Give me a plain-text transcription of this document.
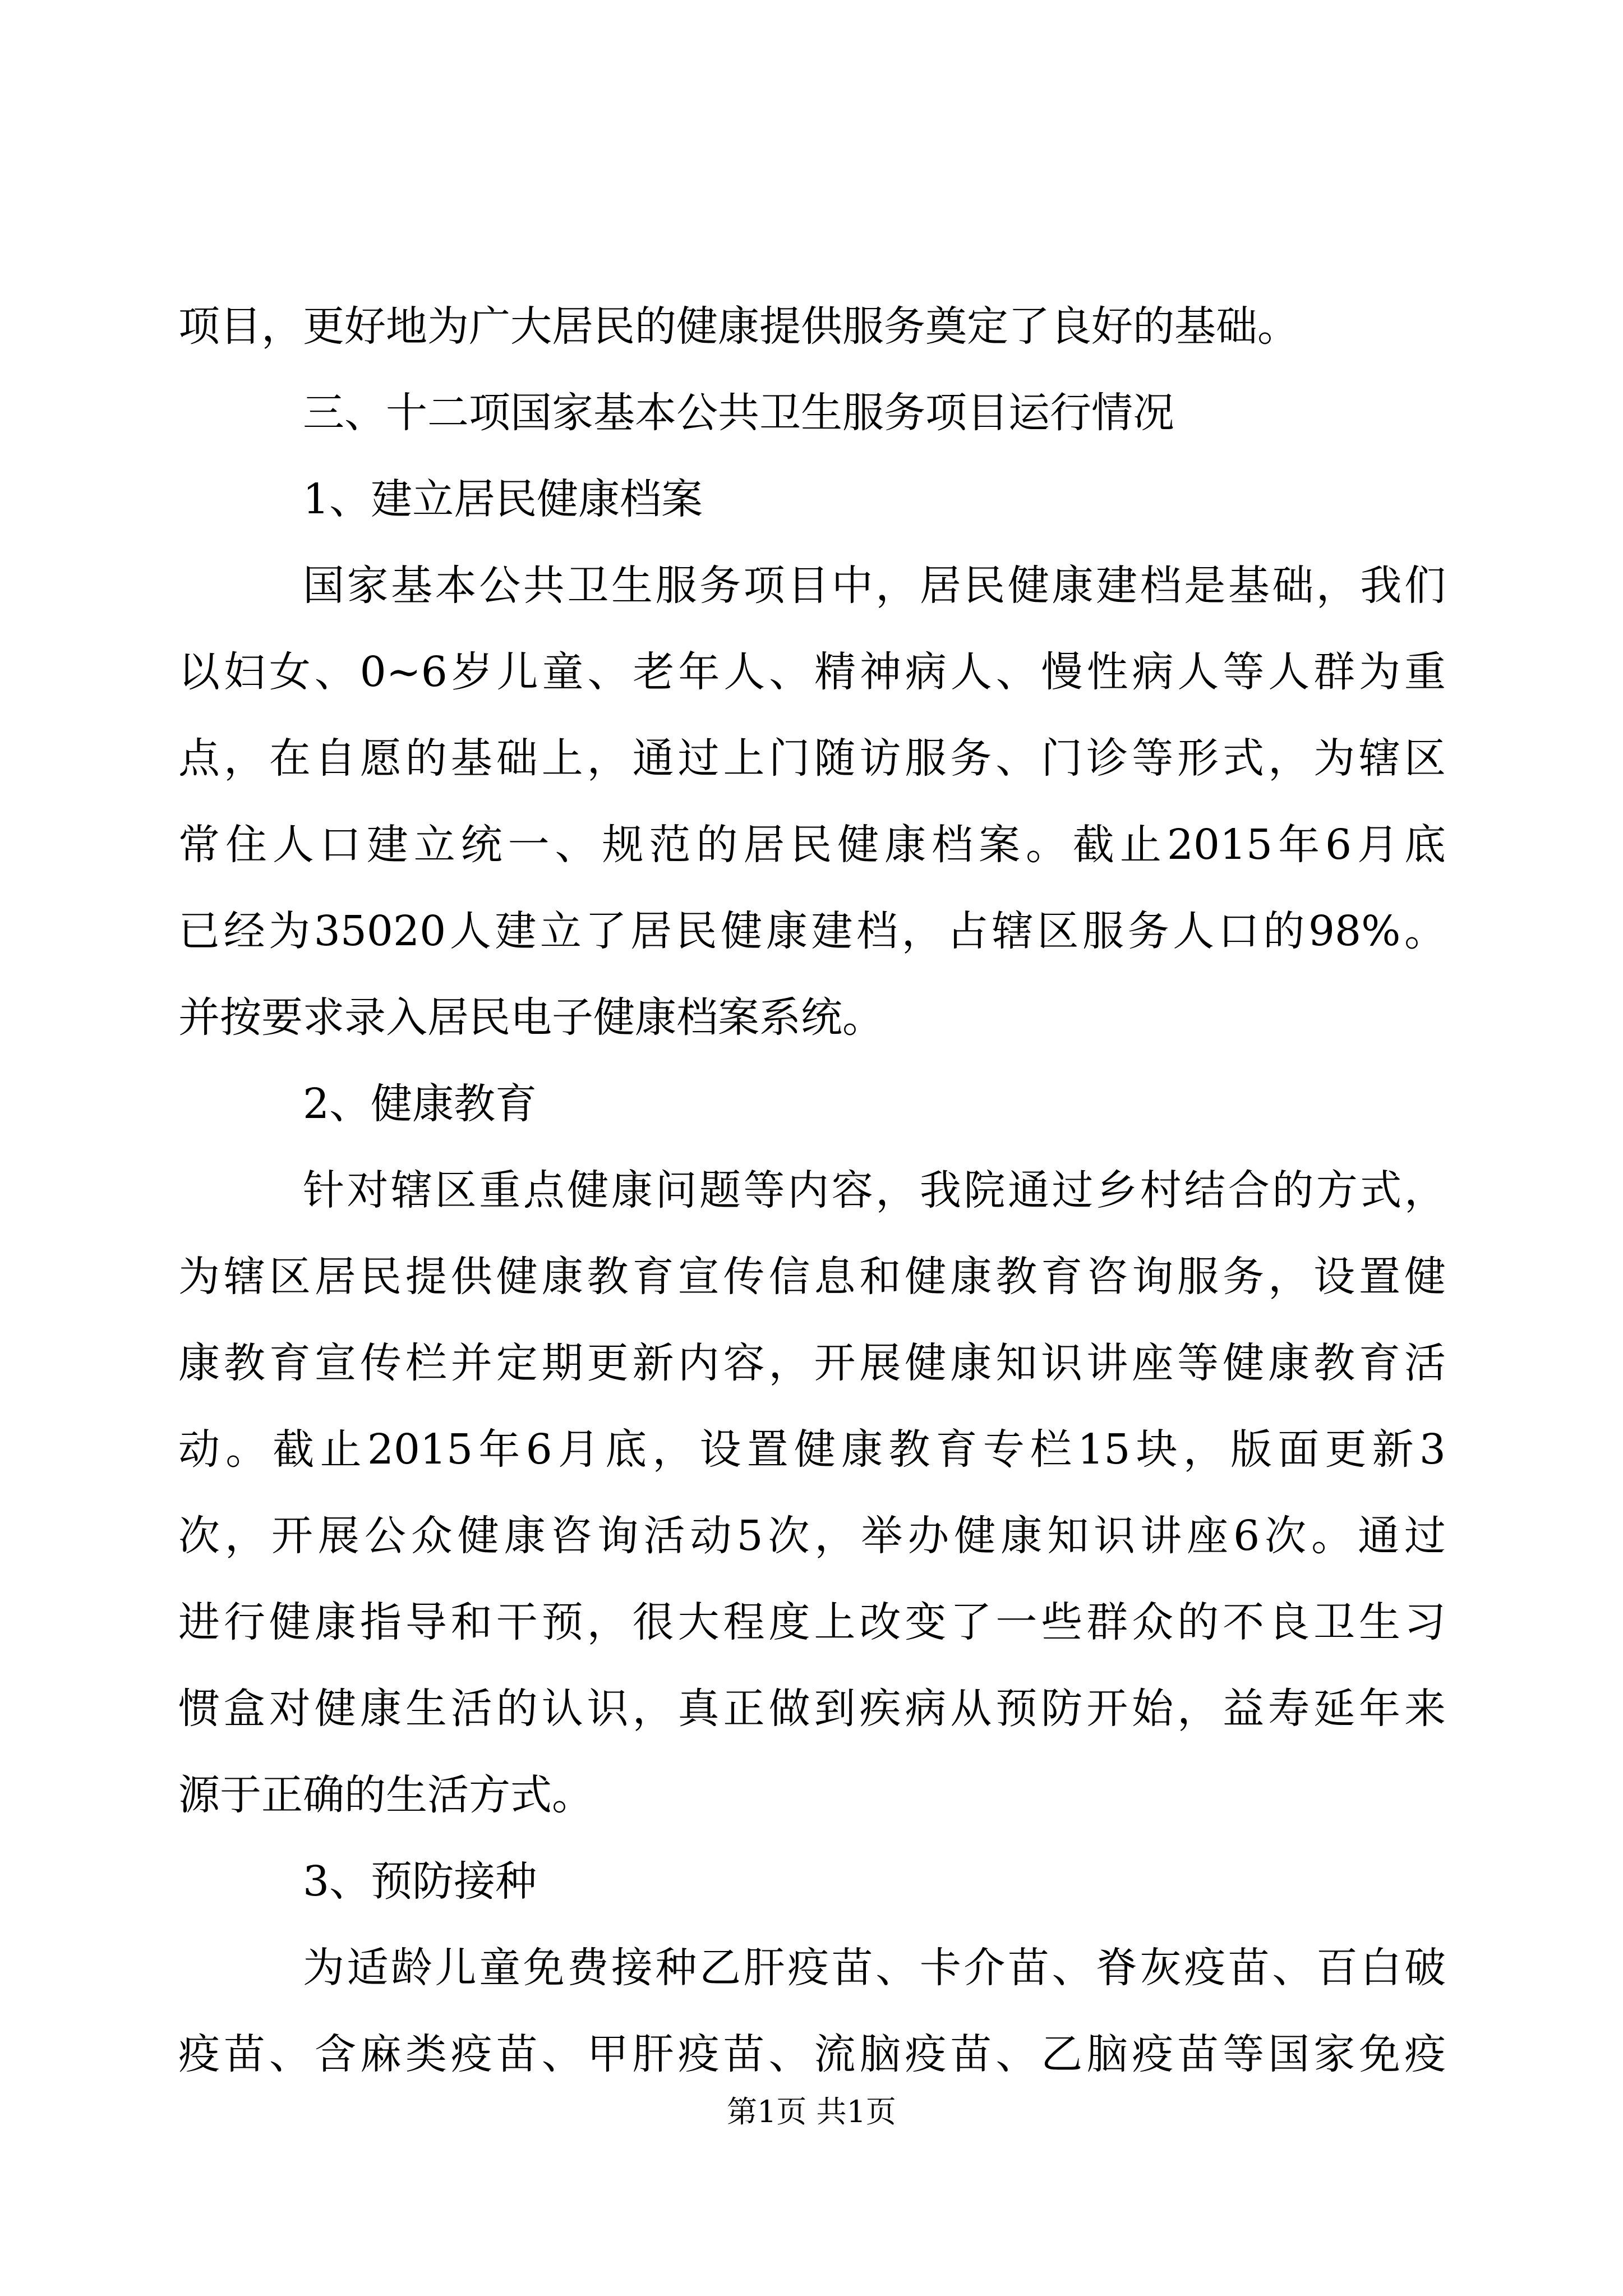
项目，更好地为广大居民的健康提供服务奠定了良好的基础。
三、十二项国家基本公共卫生服务项目运行情况
1、建立居民健康档案
国家基本公共卫生服务项目中，居民健康建档是基础，我们
以妇女、0~6岁儿童、老年人、精神病人、慢性病人等人群为重
点，在自愿的基础上，通过上门随访服务、门诊等形式，为辖区
常住人口建立统一、规范的居民健康档案。截止2015年6月底
已经为35020人建立了居民健康建档，占辖区服务人口的98%。
并按要求录入居民电子健康档案系统。
2、健康教育
针对辖区重点健康问题等内容，我院通过乡村结合的方式，
为辖区居民提供健康教育宣传信息和健康教育咨询服务，设置健
康教育宣传栏并定期更新内容，开展健康知识讲座等健康教育活
动。截止2015年6月底，设置健康教育专栏15块，版面更新3
次，开展公众健康咨询活动5次，举办健康知识讲座6次。通过
进行健康指导和干预，很大程度上改变了一些群众的不良卫生习
惯盒对健康生活的认识，真正做到疾病从预防开始，益寿延年来
源于正确的生活方式。
3、预防接种
为适龄儿童免费接种乙肝疫苗、卡介苗、脊灰疫苗、百白破
疫苗、含麻类疫苗、甲肝疫苗、流脑疫苗、乙脑疫苗等国家免疫
第1页 共1页
